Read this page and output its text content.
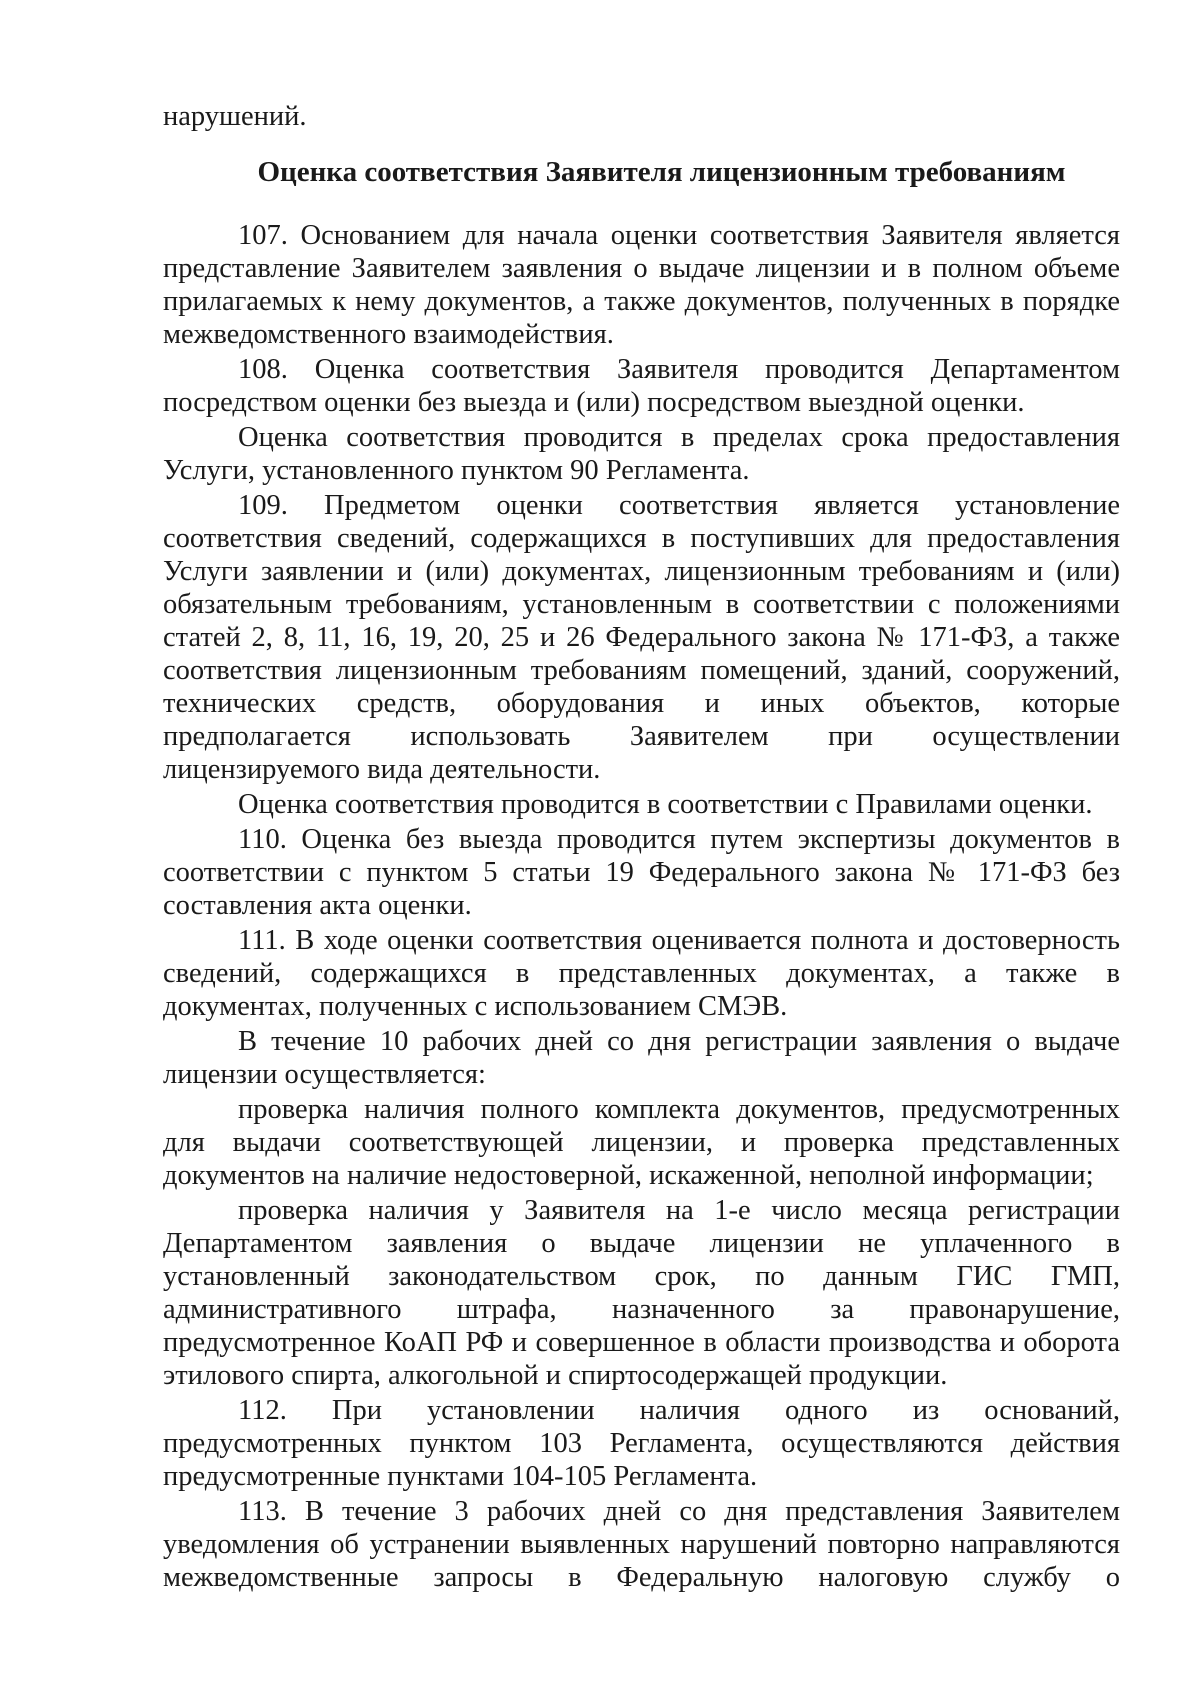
нарушений.

Оценка соответствия Заявителя лицензионным требованиям

107. Основанием для начала оценки соответствия Заявителя является

представление Заявителем заявления о выдаче лицензии и в полном объеме

прилагаемых к нему документов, а также документов, полученных в порядке

межведомственного взаимодействия.

108. Оценка соответствия Заявителя проводится Департаментом

посредством оценки без выезда и (или) посредством выездной оценки.

Оценка соответствия проводится в пределах срока предоставления

Услуги, установленного пунктом 90 Регламента.

109. Предметом оценки соответствия является установление

соответствия сведений, содержащихся в поступивших для предоставления

Услуги заявлении и (или) документах, лицензионным требованиям и (или)

обязательным требованиям, установленным в соответствии с положениями

статей 2, 8, 11, 16, 19, 20, 25 и 26 Федерального закона № 171-ФЗ, а также

соответствия лицензионным требованиям помещений, зданий, сооружений,

технических средств, оборудования и иных объектов, которые

предполагается использовать Заявителем при осуществлении

лицензируемого вида деятельности.

Оценка соответствия проводится в соответствии с Правилами оценки.

110. Оценка без выезда проводится путем экспертизы документов в

соответствии с пунктом 5 статьи 19 Федерального закона № 171-ФЗ без

составления акта оценки.

111. В ходе оценки соответствия оценивается полнота и достоверность

сведений, содержащихся в представленных документах, а также в

документах, полученных с использованием СМЭВ.

В течение 10 рабочих дней со дня регистрации заявления о выдаче

лицензии осуществляется:

проверка наличия полного комплекта документов, предусмотренных

для выдачи соответствующей лицензии, и проверка представленных

документов на наличие недостоверной, искаженной, неполной информации;

проверка наличия у Заявителя на 1-е число месяца регистрации

Департаментом заявления о выдаче лицензии не уплаченного в

установленный законодательством срок, по данным ГИС ГМП,

административного штрафа, назначенного за правонарушение,

предусмотренное КоАП РФ и совершенное в области производства и оборота

этилового спирта, алкогольной и спиртосодержащей продукции.

112. При установлении наличия одного из оснований,

предусмотренных пунктом 103 Регламента, осуществляются действия

предусмотренные пунктами 104-105 Регламента.

113. В течение 3 рабочих дней со дня представления Заявителем

уведомления об устранении выявленных нарушений повторно направляются

межведомственные запросы в Федеральную налоговую службу о
